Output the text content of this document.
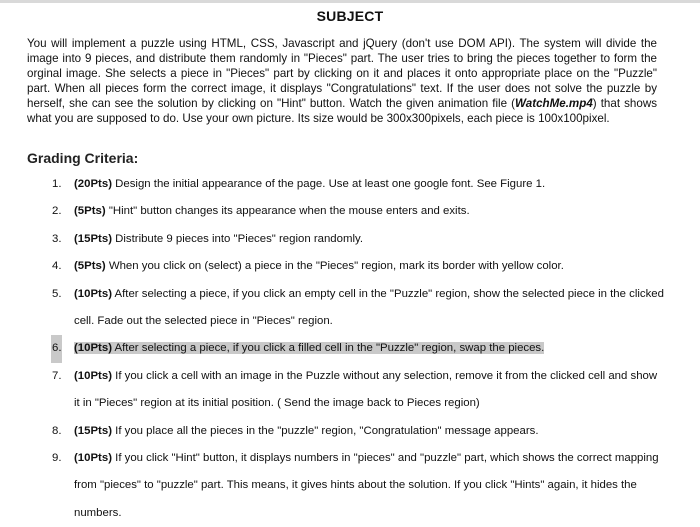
SUBJECT

You will implement a puzzle using HTML, CSS, Javascript and jQuery (don't use DOM API). The system will divide the image into 9 pieces, and distribute them randomly in "Pieces" part. The user tries to bring the pieces together to form the orginal image. She selects a piece in "Pieces" part by clicking on it and places it onto appropriate place on the "Puzzle" part. When all pieces form the correct image, it displays "Congratulations" text. If the user does not solve the puzzle by herself, she can see the solution by clicking on "Hint" button. Watch the given animation file (WatchMe.mp4) that shows what you are supposed to do. Use your own picture. Its size would be 300x300pixels, each piece is 100x100pixel.

Grading Criteria:
1. (20Pts) Design the initial appearance of the page. Use at least one google font. See Figure 1.
2. (5Pts) "Hint" button changes its appearance when the mouse enters and exits.
3. (15Pts) Distribute 9 pieces into "Pieces" region randomly.
4. (5Pts) When you click on (select) a piece in the "Pieces" region, mark its border with yellow color.
5. (10Pts) After selecting a piece, if you click an empty cell in the "Puzzle" region, show the selected piece in the clicked cell. Fade out the selected piece in "Pieces" region.
6. (10Pts) After selecting a piece, if you click a filled cell in the "Puzzle" region, swap the pieces.
7. (10Pts) If you click a cell with an image in the Puzzle without any selection, remove it from the clicked cell and show it in "Pieces" region at its initial position. ( Send the image back to Pieces region)
8. (15Pts) If you place all the pieces in the "puzzle" region, "Congratulation" message appears.
9. (10Pts) If you click "Hint" button, it displays numbers in "pieces" and "puzzle" part, which shows the correct mapping from "pieces" to "puzzle" part. This means, it gives hints about the solution. If you click "Hints" again, it hides the numbers.
